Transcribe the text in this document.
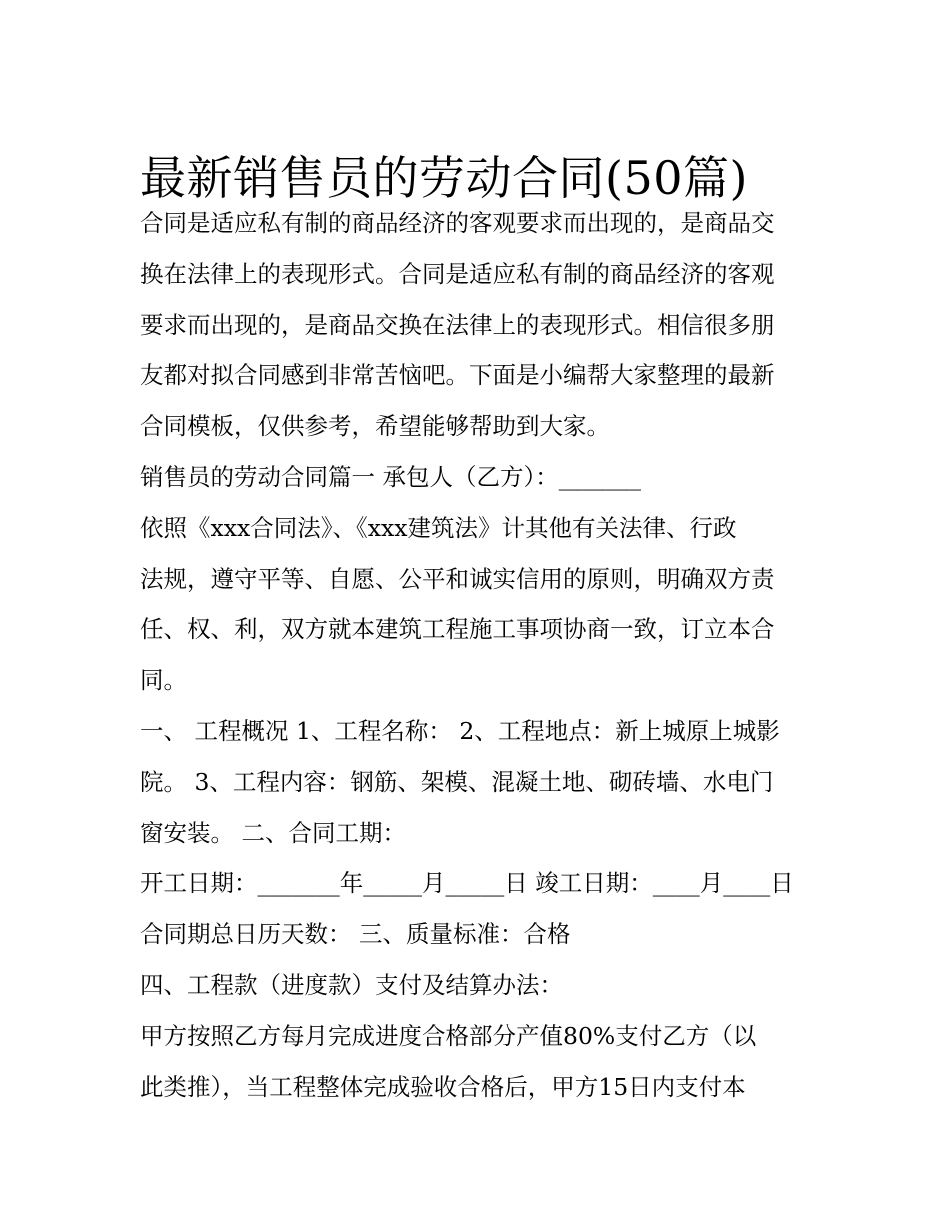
最新销售员的劳动合同(50篇)
合同是适应私有制的商品经济的客观要求而出现的，是商品交
换在法律上的表现形式。合同是适应私有制的商品经济的客观
要求而出现的，是商品交换在法律上的表现形式。相信很多朋
友都对拟合同感到非常苦恼吧。下面是小编帮大家整理的最新
合同模板，仅供参考，希望能够帮助到大家。
销售员的劳动合同篇一 承包人（乙方）：_______
依照《xxx合同法》、《xxx建筑法》计其他有关法律、行政
法规，遵守平等、自愿、公平和诚实信用的原则，明确双方责
任、权、利，双方就本建筑工程施工事项协商一致，订立本合
同。
一、 工程概况 1、工程名称： 2、工程地点：新上城原上城影
院。 3、工程内容：钢筋、架模、混凝土地、砌砖墙、水电门
窗安装。 二、合同工期：
开工日期：_______年_____月_____日 竣工日期：____月____日
合同期总日历天数： 三、质量标准：合格
四、工程款（进度款）支付及结算办法：
甲方按照乙方每月完成进度合格部分产值80%支付乙方（以
此类推），当工程整体完成验收合格后，甲方15日内支付本
